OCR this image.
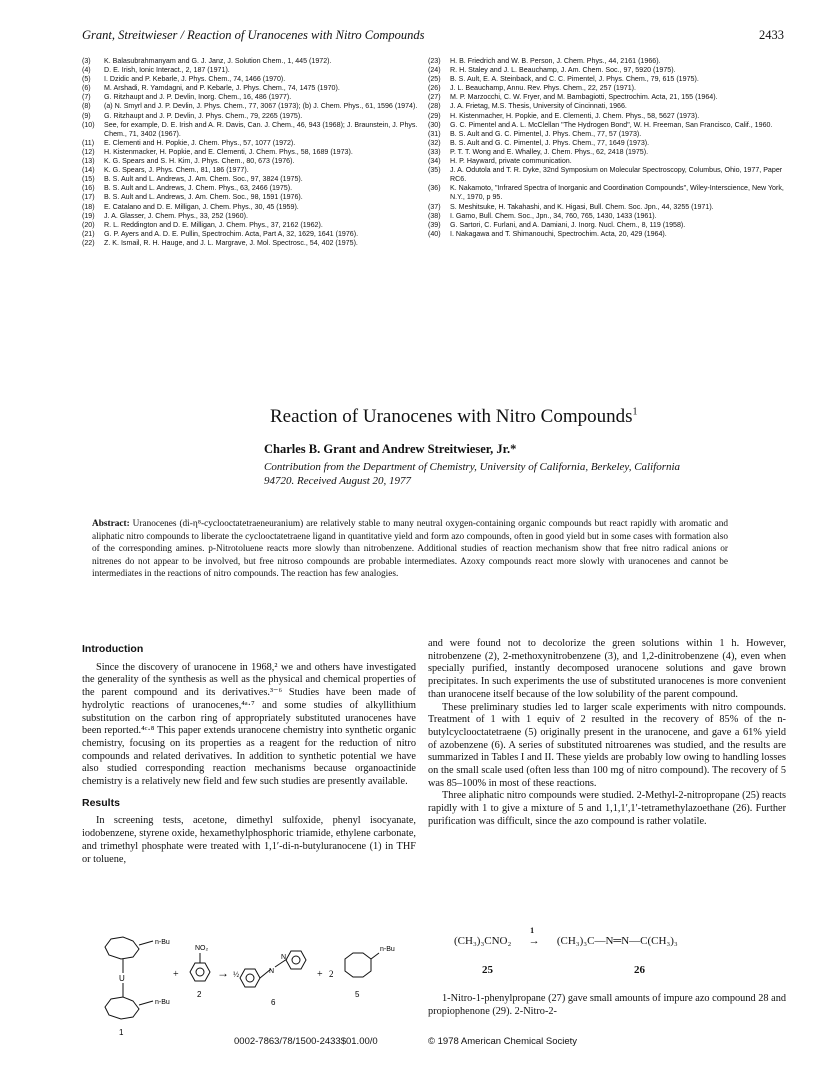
Grant, Streitwieser / Reaction of Uranocenes with Nitro Compounds	2433
(3)	K. Balasubrahmanyam and G. J. Janz, J. Solution Chem., 1, 445 (1972).
(4)	D. E. Irish, Ionic Interact., 2, 187 (1971).
(5)	I. Dzidic and P. Kebarle, J. Phys. Chem., 74, 1466 (1970).
(6)	M. Arshadi, R. Yamdagni, and P. Kebarle, J. Phys. Chem., 74, 1475 (1970).
(7)	G. Ritzhaupt and J. P. Devlin, Inorg. Chem., 16, 486 (1977).
(8)	(a) N. Smyrl and J. P. Devlin, J. Phys. Chem., 77, 3067 (1973); (b) J. Chem. Phys., 61, 1596 (1974).
(9)	G. Ritzhaupt and J. P. Devlin, J. Phys. Chem., 79, 2265 (1975).
(10)	See, for example, D. E. Irish and A. R. Davis, Can. J. Chem., 46, 943 (1968); J. Braunstein, J. Phys. Chem., 71, 3402 (1967).
(11)	E. Clementi and H. Popkie, J. Chem. Phys., 57, 1077 (1972).
(12)	H. Kistenmacker, H. Popkie, and E. Clementi, J. Chem. Phys., 58, 1689 (1973).
(13)	K. G. Spears and S. H. Kim, J. Phys. Chem., 80, 673 (1976).
(14)	K. G. Spears, J. Phys. Chem., 81, 186 (1977).
(15)	B. S. Ault and L. Andrews, J. Am. Chem. Soc., 97, 3824 (1975).
(16)	B. S. Ault and L. Andrews, J. Chem. Phys., 63, 2466 (1975).
(17)	B. S. Ault and L. Andrews, J. Am. Chem. Soc., 98, 1591 (1976).
(18)	E. Catalano and D. E. Milligan, J. Chem. Phys., 30, 45 (1959).
(19)	J. A. Glasser, J. Chem. Phys., 33, 252 (1960).
(20)	R. L. Reddington and D. E. Milligan, J. Chem. Phys., 37, 2162 (1962).
(21)	G. P. Ayers and A. D. E. Pullin, Spectrochim. Acta, Part A, 32, 1629, 1641 (1976).
(22)	Z. K. Ismail, R. H. Hauge, and J. L. Margrave, J. Mol. Spectrosc., 54, 402 (1975).
(23)	H. B. Friedrich and W. B. Person, J. Chem. Phys., 44, 2161 (1966).
(24)	R. H. Staley and J. L. Beauchamp, J. Am. Chem. Soc., 97, 5920 (1975).
(25)	B. S. Ault, E. A. Steinback, and C. C. Pimentel, J. Phys. Chem., 79, 615 (1975).
(26)	J. L. Beauchamp, Annu. Rev. Phys. Chem., 22, 257 (1971).
(27)	M. P. Marzocchi, C. W. Fryer, and M. Bambagiotti, Spectrochim. Acta, 21, 155 (1964).
(28)	J. A. Frietag, M.S. Thesis, University of Cincinnati, 1966.
(29)	H. Kistenmacher, H. Popkie, and E. Clementi, J. Chem. Phys., 58, 5627 (1973).
(30)	G. C. Pimentel and A. L. McClellan "The Hydrogen Bond", W. H. Freeman, San Francisco, Calif., 1960.
(31)	B. S. Ault and G. C. Pimentel, J. Phys. Chem., 77, 57 (1973).
(32)	B. S. Ault and G. C. Pimentel, J. Phys. Chem., 77, 1649 (1973).
(33)	P. T. T. Wong and E. Whalley, J. Chem. Phys., 62, 2418 (1975).
(34)	H. P. Hayward, private communication.
(35)	J. A. Odutola and T. R. Dyke, 32nd Symposium on Molecular Spectroscopy, Columbus, Ohio, 1977, Paper RC6.
(36)	K. Nakamoto, "Infrared Spectra of Inorganic and Coordination Compounds", Wiley-Interscience, New York, N.Y., 1970, p 95.
(37)	S. Meshitsuke, H. Takahashi, and K. Higasi, Bull. Chem. Soc. Jpn., 44, 3255 (1971).
(38)	I. Gamo, Bull. Chem. Soc., Jpn., 34, 760, 765, 1430, 1433 (1961).
(39)	G. Sartori, C. Furlani, and A. Damiani, J. Inorg. Nucl. Chem., 8, 119 (1958).
(40)	I. Nakagawa and T. Shimanouchi, Spectrochim. Acta, 20, 429 (1964).
Reaction of Uranocenes with Nitro Compounds$^1$
Charles B. Grant and Andrew Streitwieser, Jr.*
Contribution from the Department of Chemistry, University of California, Berkeley, California 94720. Received August 20, 1977
Abstract: Uranocenes (di-η⁸-cyclooctatetraeneuranium) are relatively stable to many neutral oxygen-containing organic compounds but react rapidly with aromatic and aliphatic nitro compounds to liberate the cyclooctatetraene ligand in quantitative yield and form azo compounds, often in good yield but in some cases with formation also of the corresponding amines. p-Nitrotoluene reacts more slowly than nitrobenzene. Additional studies of reaction mechanism show that free nitro radical anions or nitrenes do not appear to be involved, but free nitroso compounds are probable intermediates. Azoxy compounds react more slowly with uranocenes and cannot be intermediates in the reactions of nitro compounds. The reaction has few analogies.
Introduction

Since the discovery of uranocene in 1968,² we and others have investigated the generality of the synthesis as well as the physical and chemical properties of the parent compound and its derivatives.³⁻⁶ Studies have been made of hydrolytic reactions of uranocenes,⁴ᵃ·⁷ and some studies of alkyllithium substitution on the carbon ring of appropriately substituted uranocenes have been reported.⁴ᶜ·⁸ This paper extends uranocene chemistry into synthetic organic chemistry, focusing on its properties as a reagent for the reduction of nitro compounds and related derivatives. In addition to synthetic potential we have also studied corresponding reaction mechanisms because organoactinide chemistry is a relatively new field and few such studies are presently available.

Results

In screening tests, acetone, dimethyl sulfoxide, phenyl isocyanate, iodobenzene, styrene oxide, hexamethylphosphoric triamide, ethylene carbonate, and trimethyl phosphate were treated with 1,1′-di-n-butyluranocene (1) in THF or toluene,

n-Bu
U
n-Bu
1
+
NO₂
2
→ ½	N
N
6
+ 2
n-Bu
5

and were found not to decolorize the green solutions within 1 h. However, nitrobenzene (2), 2-methoxynitrobenzene (3), and 1,2-dinitrobenzene (4), even when specially purified, instantly decomposed uranocene solutions and gave brown precipitates. In such experiments the use of substituted uranocenes is more convenient than uranocene itself because of the low solubility of the parent compound.

These preliminary studies led to larger scale experiments with nitro compounds. Treatment of 1 with 1 equiv of 2 resulted in the recovery of 85% of the n-butylcyclooctatetraene (5) originally present in the uranocene, and gave a 61% yield of azobenzene (6). A series of substituted nitroarenes was studied, and the results are summarized in Tables I and II. These yields are probably low owing to handling losses on the small scale used (often less than 100 mg of nitro compound). The recovery of 5 was 85–100% in most of these reactions.

Three aliphatic nitro compounds were studied. 2-Methyl-2-nitropropane (25) reacts rapidly with 1 to give a mixture of 5 and 1,1,1′,1′-tetramethylazoethane (26). Further purification was difficult, since the azo compound is rather volatile.

(CH₃)₃CNO₂
1
→ (CH₃)₃C—N═N—C(CH₃)₃
25	26

1-Nitro-1-phenylpropane (27) gave small amounts of impure azo compound 28 and propiophenone (29). 2-Nitro-2-

0002-7863/78/1500-2433$01.00/0	© 1978 American Chemical Society
